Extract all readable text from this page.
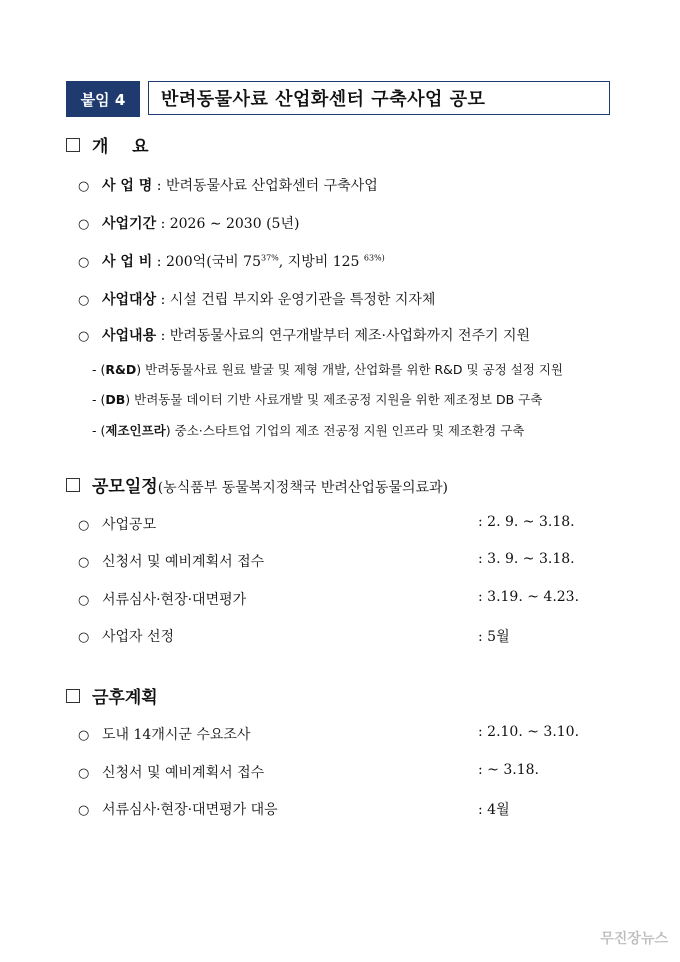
붙임 4	반려동물사료 산업화센터 구축사업 공모
개    요
○ 사 업 명 : 반려동물사료 산업화센터 구축사업
○ 사업기간 : 2026 ∼ 2030 (5년)
○ 사 업 비 : 200억(국비 $75^{37\%}$, 지방비 125 $^{63\%)}$
○ 사업대상 : 시설 건립 부지와 운영기관을 특정한 지자체
○ 사업내용 : 반려동물사료의 연구개발부터 제조·사업화까지 전주기 지원
- (R&D) 반려동물사료 원료 발굴 및 제형 개발, 산업화를 위한 R&D 및 공정 설정 지원
- (DB) 반려동물 데이터 기반 사료개발 및 제조공정 지원을 위한 제조정보 DB 구축
- (제조인프라) 중소·스타트업 기업의 제조 전공정 지원 인프라 및 제조환경 구축
공모일정(농식품부 동물복지정책국 반려산업동물의료과)
○ 사업공모	: 2. 9. ~ 3.18.
○ 신청서 및 예비계획서 접수	: 3. 9. ~ 3.18.
○ 서류심사·현장·대면평가	: 3.19. ~ 4.23.
○ 사업자 선정	: 5월
금후계획
○ 도내 14개시군 수요조사	: 2.10. ~ 3.10.
○ 신청서 및 예비계획서 접수	: ~ 3.18.
○ 서류심사·현장·대면평가 대응	: 4월
무진장뉴스
